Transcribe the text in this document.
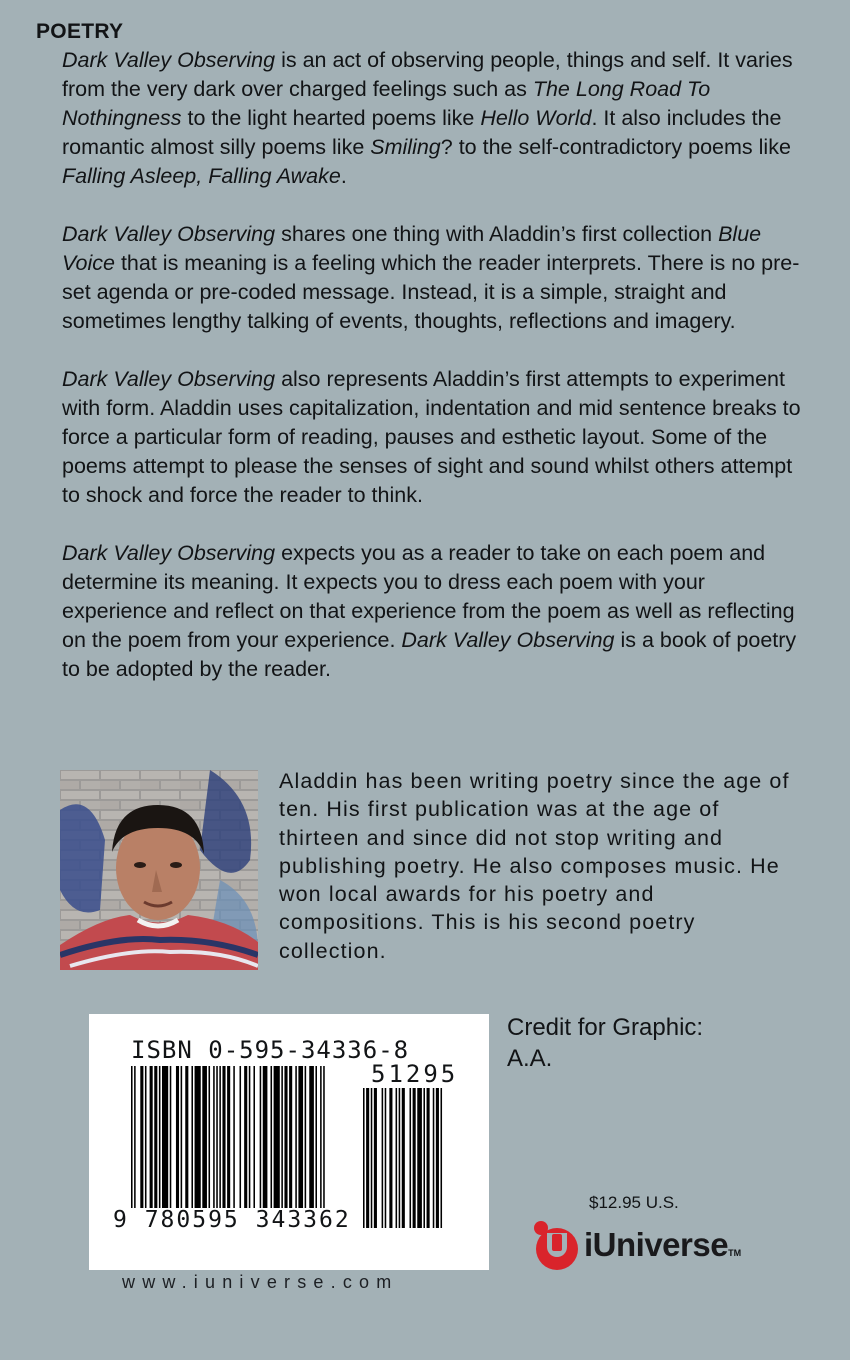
POETRY

Dark Valley Observing is an act of observing people, things and self. It varies from the very dark over charged feelings such as The Long Road To Nothingness to the light hearted poems like Hello World. It also includes the romantic almost silly poems like Smiling? to the self-contradictory poems like Falling Asleep, Falling Awake.

Dark Valley Observing shares one thing with Aladdin’s first collection Blue Voice that is meaning is a feeling which the reader interprets. There is no pre-set agenda or pre-coded message. Instead, it is a simple, straight and sometimes lengthy talking of events, thoughts, reflections and imagery.

Dark Valley Observing also represents Aladdin’s first attempts to experiment with form. Aladdin uses capitalization, indentation and mid sentence breaks to force a particular form of reading, pauses and esthetic layout. Some of the poems attempt to please the senses of sight and sound whilst others attempt to shock and force the reader to think.

Dark Valley Observing expects you as a reader to take on each poem and determine its meaning. It expects you to dress each poem with your experience and reflect on that experience from the poem as well as reflecting on the poem from your experience. Dark Valley Observing is a book of poetry to be adopted by the reader.

Aladdin has been writing poetry since the age of ten. His first publication was at the age of thirteen and since did not stop writing and publishing poetry. He also composes music. He won local awards for his poetry and compositions. This is his second poetry collection.
ISBN 0-595-34336-8
51295
9 780595 343362
www.iuniverse.com
Credit for Graphic:
A.A.
$12.95 U.S.
iUniverse TM
